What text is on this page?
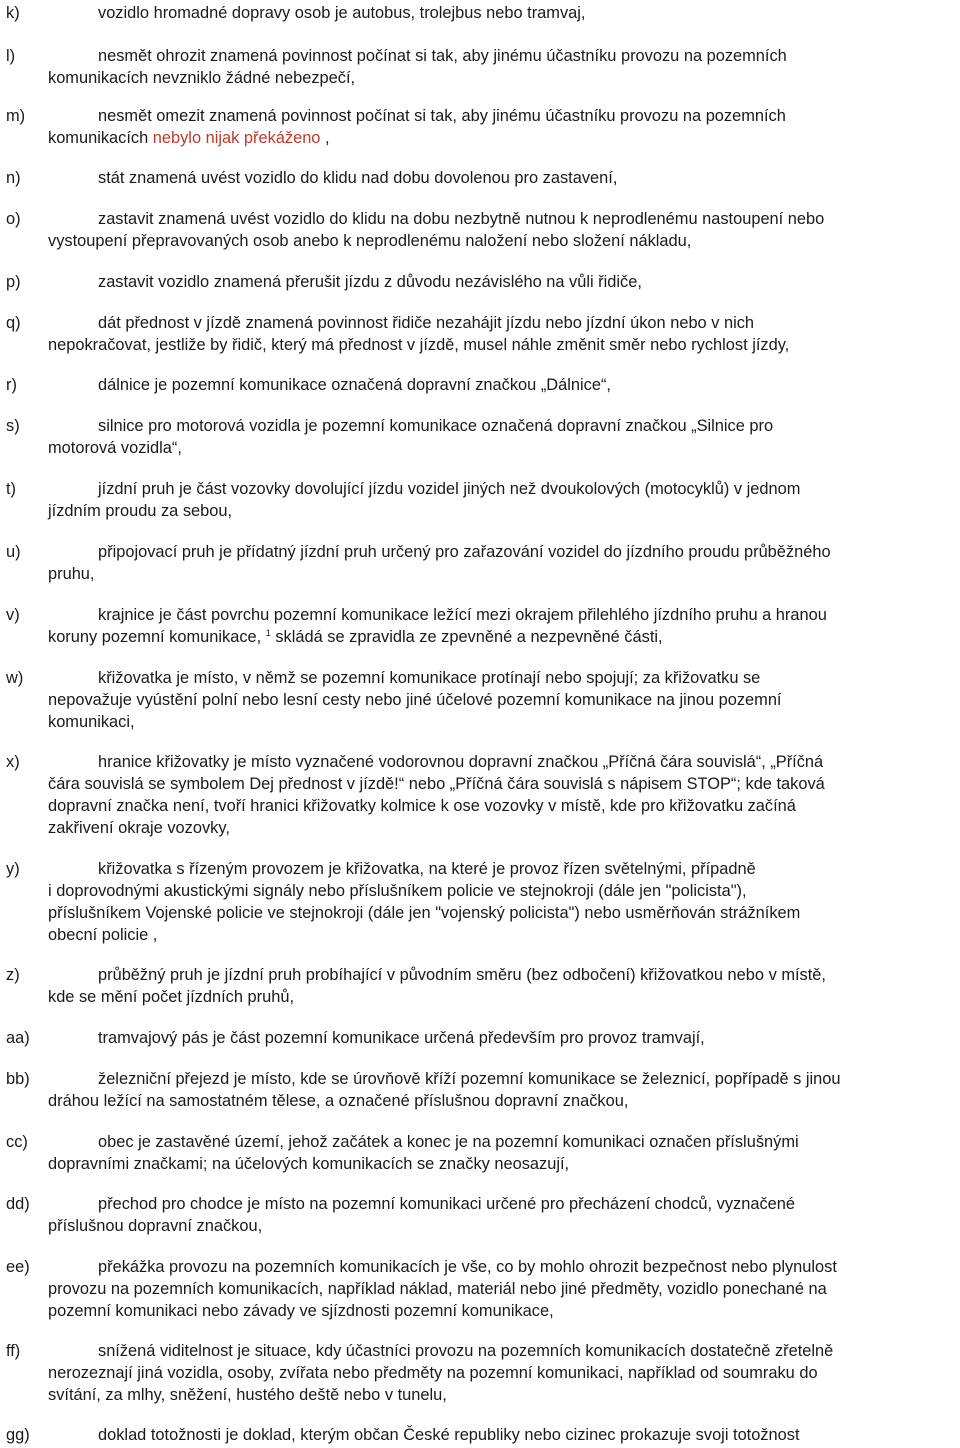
k)	vozidlo hromadné dopravy osob je autobus, trolejbus nebo tramvaj,
l)	nesmět ohrozit znamená povinnost počínat si tak, aby jinému účastníku provozu na pozemních
komunikacích nevzniklo žádné nebezpečí,
m)	nesmět omezit znamená povinnost počínat si tak, aby jinému účastníku provozu na pozemních
komunikacích nebylo nijak překáženo ,
n)	stát znamená uvést vozidlo do klidu nad dobu dovolenou pro zastavení,
o)	zastavit znamená uvést vozidlo do klidu na dobu nezbytně nutnou k neprodlenému nastoupení nebo
vystoupení přepravovaných osob anebo k neprodlenému naložení nebo složení nákladu,
p)	zastavit vozidlo znamená přerušit jízdu z důvodu nezávislého na vůli řidiče,
q)	dát přednost v jízdě znamená povinnost řidiče nezahájit jízdu nebo jízdní úkon nebo v nich
nepokračovat, jestliže by řidič, který má přednost v jízdě, musel náhle změnit směr nebo rychlost jízdy,
r)	dálnice je pozemní komunikace označená dopravní značkou „Dálnice“,
s)	silnice pro motorová vozidla je pozemní komunikace označená dopravní značkou „Silnice pro
motorová vozidla“,
t)	jízdní pruh je část vozovky dovolující jízdu vozidel jiných než dvoukolových (motocyklů) v jednom
jízdním proudu za sebou,
u)	připojovací pruh je přídatný jízdní pruh určený pro zařazování vozidel do jízdního proudu průběžného
pruhu,
v)	krajnice je část povrchu pozemní komunikace ležící mezi okrajem přilehlého jízdního pruhu a hranou
koruny pozemní komunikace, $^1$ skládá se zpravidla ze zpevněné a nezpevněné části,
w)	křižovatka je místo, v němž se pozemní komunikace protínají nebo spojují; za křižovatku se
nepovažuje vyústění polní nebo lesní cesty nebo jiné účelové pozemní komunikace na jinou pozemní
komunikaci,
x)	hranice křižovatky je místo vyznačené vodorovnou dopravní značkou „Příčná čára souvislá“, „Příčná
čára souvislá se symbolem Dej přednost v jízdě!“ nebo „Příčná čára souvislá s nápisem STOP“; kde taková
dopravní značka není, tvoří hranici křižovatky kolmice k ose vozovky v místě, kde pro křižovatku začíná
zakřivení okraje vozovky,
y)	křižovatka s řízeným provozem je křižovatka, na které je provoz řízen světelnými, případně
i doprovodnými akustickými signály nebo příslušníkem policie ve stejnokroji (dále jen "policista"),
příslušníkem Vojenské policie ve stejnokroji (dále jen "vojenský policista") nebo usměrňován strážníkem
obecní policie ,
z)	průběžný pruh je jízdní pruh probíhající v původním směru (bez odbočení) křižovatkou nebo v místě,
kde se mění počet jízdních pruhů,
aa)	tramvajový pás je část pozemní komunikace určená především pro provoz tramvají,
bb)	železniční přejezd je místo, kde se úrovňově kříží pozemní komunikace se železnicí, popřípadě s jinou
dráhou ležící na samostatném tělese, a označené příslušnou dopravní značkou,
cc)	obec je zastavěné území, jehož začátek a konec je na pozemní komunikaci označen příslušnými
dopravními značkami; na účelových komunikacích se značky neosazují,
dd)	přechod pro chodce je místo na pozemní komunikaci určené pro přecházení chodců, vyznačené
příslušnou dopravní značkou,
ee)	překážka provozu na pozemních komunikacích je vše, co by mohlo ohrozit bezpečnost nebo plynulost
provozu na pozemních komunikacích, například náklad, materiál nebo jiné předměty, vozidlo ponechané na
pozemní komunikaci nebo závady ve sjízdnosti pozemní komunikace,
ff)	snížená viditelnost je situace, kdy účastníci provozu na pozemních komunikacích dostatečně zřetelně
nerozeznají jiná vozidla, osoby, zvířata nebo předměty na pozemní komunikaci, například od soumraku do
svítání, za mlhy, sněžení, hustého deště nebo v tunelu,
gg)	doklad totožnosti je doklad, kterým občan České republiky nebo cizinec prokazuje svoji totožnost
